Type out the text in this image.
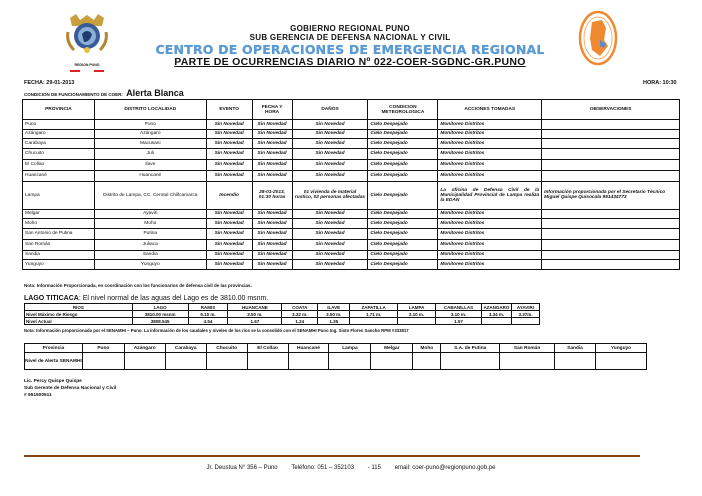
REGION PUNO
GOBIERNO REGIONAL PUNO
SUB GERENCIA DE DEFENSA NACIONAL Y CIVIL
CENTRO DE OPERACIONES DE EMERGENCIA REGIONAL
PARTE DE OCURRENCIAS DIARIO Nº 022-COER-SGDNC-GR.PUNO
FECHA: 29-01-2013	HORA: 10:30
CONDICION DE FUNCIONAMIENTO DE COER: Alerta Blanca
PROVINCIA	DISTRITO LOCALIDAD	EVENTO	FECHA Y HORA	DAÑOS	CONDICION METEOROLOGICA	ACCIONES TOMADAS	OBSERVACIONES
Puno	Puno	Sin Novedad	Sin Novedad	Sin Novedad	Cielo Despejado	Monitoreo Distritos	
Azángaro	Azángaro	Sin Novedad	Sin Novedad	Sin Novedad	Cielo Despejado	Monitoreo Distritos	
Carabaya	Macusani	Sin Novedad	Sin Novedad	Sin Novedad	Cielo Despejado	Monitoreo Distritos	
Chucuito	Juli	Sin Novedad	Sin Novedad	Sin Novedad	Cielo Despejado	Monitoreo Distritos	
El Collao	Ilave	Sin Novedad	Sin Novedad	Sin Novedad	Cielo Despejado	Monitoreo Distritos	
Huancané	Huancané	Sin Novedad	Sin Novedad	Sin Novedad	Cielo Despejado	Monitoreo Distritos	
Lampa	Distrito de Lampa, CC. Cerotal Chillcamarca	Incendio	28-01-2013, 01:30 horas	01 vivienda de material rustico, 02 personas afectadas	Cielo Despejado	La oficina de Defensa Civil de la Municipalidad Provincial de Lampa realiza la EDAN	Información proporcionada por el Secretario Técnico Miguel Quispe Quisocala 951434773
Melgar	Ayaviri	Sin Novedad	Sin Novedad	Sin Novedad	Cielo Despejado	Monitoreo Distritos	
Moho	Moho	Sin Novedad	Sin Novedad	Sin Novedad	Cielo Despejado	Monitoreo Distritos	
San Antonio de Putina	Putina	Sin Novedad	Sin Novedad	Sin Novedad	Cielo Despejado	Monitoreo Distritos	
San Román	Juliaca	Sin Novedad	Sin Novedad	Sin Novedad	Cielo Despejado	Monitoreo Distritos	
Sandia	Sandia	Sin Novedad	Sin Novedad	Sin Novedad	Cielo Despejado	Monitoreo Distritos	
Yunguyo	Yunguyo	Sin Novedad	Sin Novedad	Sin Novedad	Cielo Despejado	Monitoreo Distritos	
Nota: Información Proporcionada, en coordinación con los funcionarios de defensa civil de las provincias.
LAGO TITICACA: El nivel normal de las aguas del Lago es de 3810.00 msnm.
RIOS	LAGO	RAMIS	HUANCANE	COATA	ILAVE	ZAPATILLA	LAMPA	CABANILLAS	AZANGARO	AYAVIRI
Nivel Máximo de Riesgo	3810.00 msnm	5.10 m.	3.50 m.	3.32 m.	3.50 m.	1.71 m.	3.10 m.	3.10 m.	3.34 m.	3.37m.
Nivel Actual	3808.545	4.54	1.67	1.24	1.35			1.57		
Nota: Información proporcionada por el SENAMHI – Puno. La información de los caudales y niveles de los rios se la consolidó con el SENAMHI Puno Ing. Sixto Flores Sancho RPM #333817
Provincia	Puno	Azángaro	Carabaya	Chucuito	El Collao	Huancané	Lampa	Melgar	Moho	S.A. de Putina	San Román	Sandia	Yunguyo
Nivel de Alerta SENAMHI													
Lic. Percy Quispe Quispe
Sub Gerente de Defensa Nacional y Civil
# 951500511
Jr. Deustua N° 356 – Puno Teléfono: 051 – 352103 - 115 email: coer-puno@regionpuno.gob.pe
